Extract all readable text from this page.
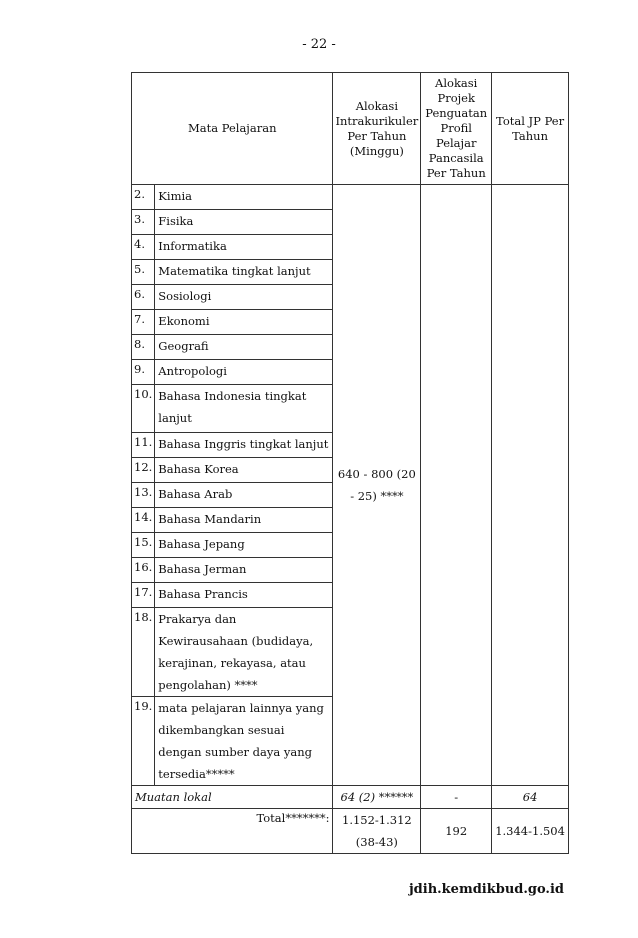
- 22 -
Mata Pelajaran		Alokasi Intrakurikuler Per Tahun (Minggu)	Alokasi Projek Penguatan Profil Pelajar Pancasila Per Tahun	Total JP Per Tahun
2.	Kimia	640 - 800 (20 - 25) ****		
3.	Fisika			
4.	Informatika			
5.	Matematika tingkat lanjut			
6.	Sosiologi			
7.	Ekonomi			
8.	Geografi			
9.	Antropologi			
10.	Bahasa Indonesia tingkat lanjut			
11.	Bahasa Inggris tingkat lanjut			
12.	Bahasa Korea			
13.	Bahasa Arab			
14.	Bahasa Mandarin			
15.	Bahasa Jepang			
16.	Bahasa Jerman			
17.	Bahasa Prancis			
18.	Prakarya dan Kewirausahaan (budidaya, kerajinan, rekayasa, atau pengolahan) ****			
19.	mata pelajaran lainnya yang dikembangkan sesuai dengan sumber daya yang tersedia*****			
Muatan lokal		64 (2) ******	-	64
Total*******:		1.152-1.312 (38-43)	192	1.344-1.504
jdih.kemdikbud.go.id
